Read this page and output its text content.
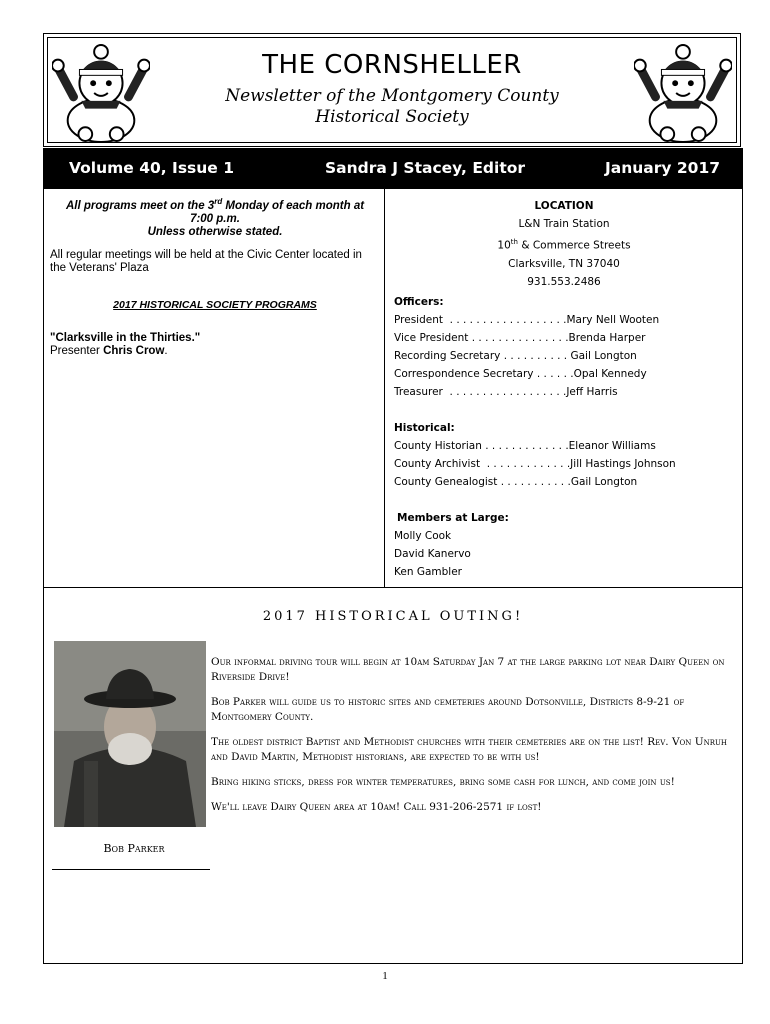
THE CORNSHELLER
Newsletter of the Montgomery County
Historical Society
Volume 40, Issue 1	Sandra J Stacey, Editor	January 2017
All programs meet on the 3rd Monday of each month at
7:00 p.m.
Unless otherwise stated.
All regular meetings will be held at the Civic Center located in the Veterans' Plaza
2017 HISTORICAL SOCIETY PROGRAMS
"Clarksville in the Thirties."
Presenter Chris Crow.
LOCATION
L&N Train Station
10th & Commerce Streets
Clarksville, TN 37040
931.553.2486
Officers:
President  . . . . . . . . . . . . . . . . . .Mary Nell Wooten
Vice President . . . . . . . . . . . . . . .Brenda Harper
Recording Secretary . . . . . . . . . . Gail Longton
Correspondence Secretary . . . . . .Opal Kennedy
Treasurer  . . . . . . . . . . . . . . . . . .Jeff Harris
Historical:
County Historian . . . . . . . . . . . . .Eleanor Williams
County Archivist  . . . . . . . . . . . . .Jill Hastings Johnson
County Genealogist . . . . . . . . . . .Gail Longton
Members at Large:
Molly Cook
David Kanervo
Ken Gambler
2017 HISTORICAL OUTING!
Bob Parker

Our informal driving tour will begin at 10am Saturday Jan 7 at the large parking lot near Dairy Queen on Riverside Drive!

Bob Parker will guide us to historic sites and cemeteries around Dotsonville, Districts 8-9-21 of Montgomery County.

The oldest district Baptist and Methodist churches with their cemeteries are on the list! Rev. Von Unruh and David Martin, Methodist historians, are expected to be with us!

Bring hiking sticks, dress for winter temperatures, bring some cash for lunch, and come join us!

We'll leave Dairy Queen area at 10am! Call 931-206-2571 if lost!

1
